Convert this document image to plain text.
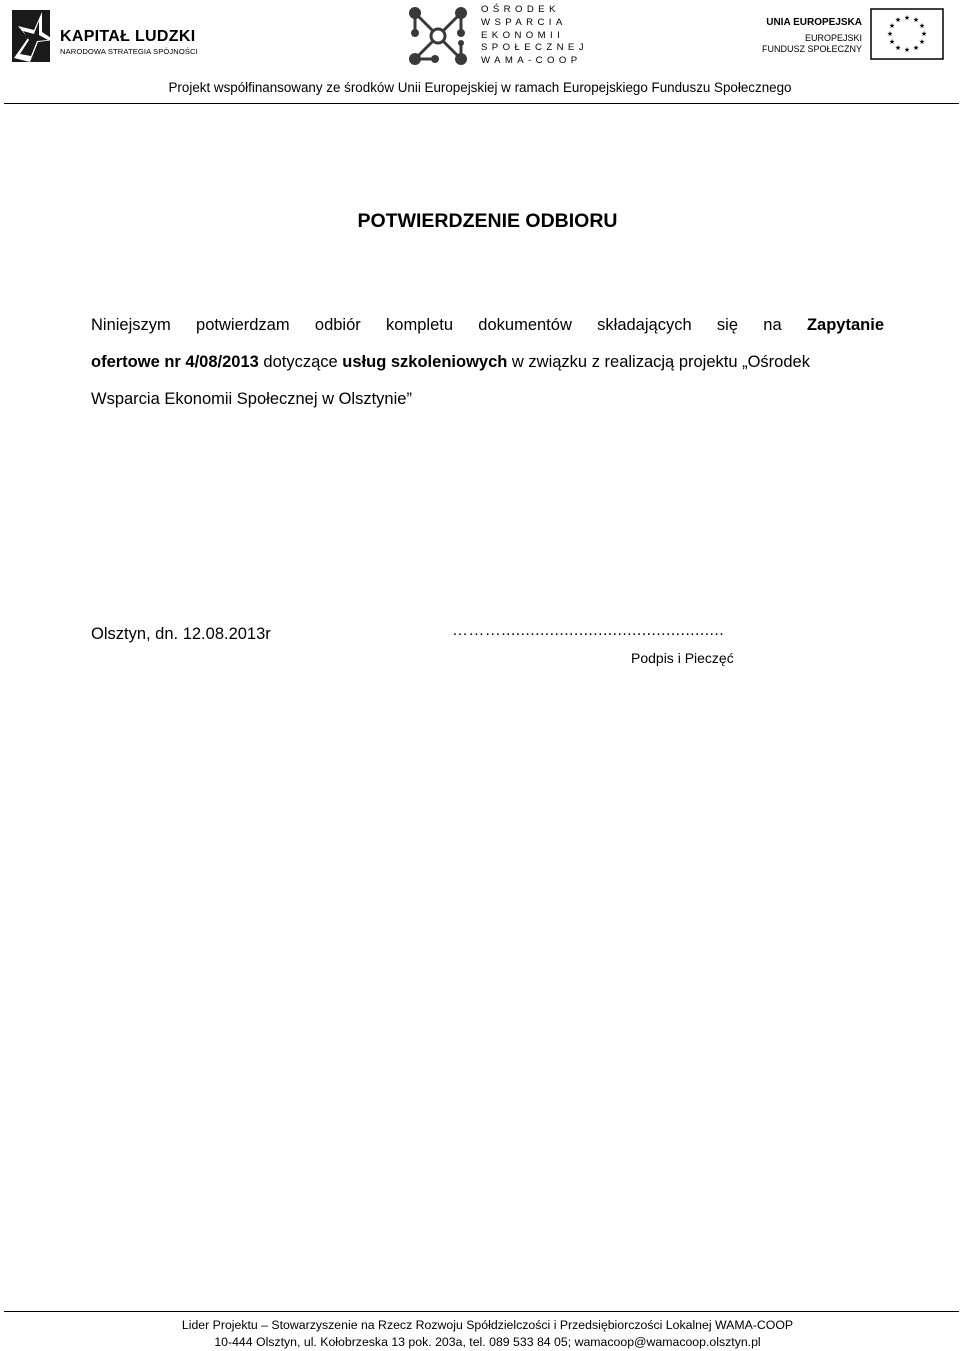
KAPITAŁ LUDZKI
NARODOWA STRATEGIA SPÓJNOŚCI
OŚRODEK
WSPARCIA
EKONOMII
SPOŁECZNEJ
WAMA-COOP
UNIA EUROPEJSKA
EUROPEJSKI
FUNDUSZ SPOŁECZNY
★ ★
★
★
★
★
★
★
★
★
★
★
Projekt współfinansowany ze środków Unii Europejskiej w ramach Europejskiego Funduszu Społecznego
POTWIERDZENIE ODBIORU
Niniejszym potwierdzam odbiór kompletu dokumentów składających się na Zapytanie
ofertowe nr 4/08/2013 dotyczące usług szkoleniowych w związku z realizacją projektu „Ośrodek
Wsparcia Ekonomii Społecznej w Olsztynie”
Olsztyn, dn. 12.08.2013r	………..............................................
Podpis i Pieczęć
Lider Projektu – Stowarzyszenie na Rzecz Rozwoju Spółdzielczości i Przedsiębiorczości Lokalnej WAMA-COOP
10-444 Olsztyn, ul. Kołobrzeska 13 pok. 203a, tel. 089 533 84 05; wamacoop@wamacoop.olsztyn.pl
